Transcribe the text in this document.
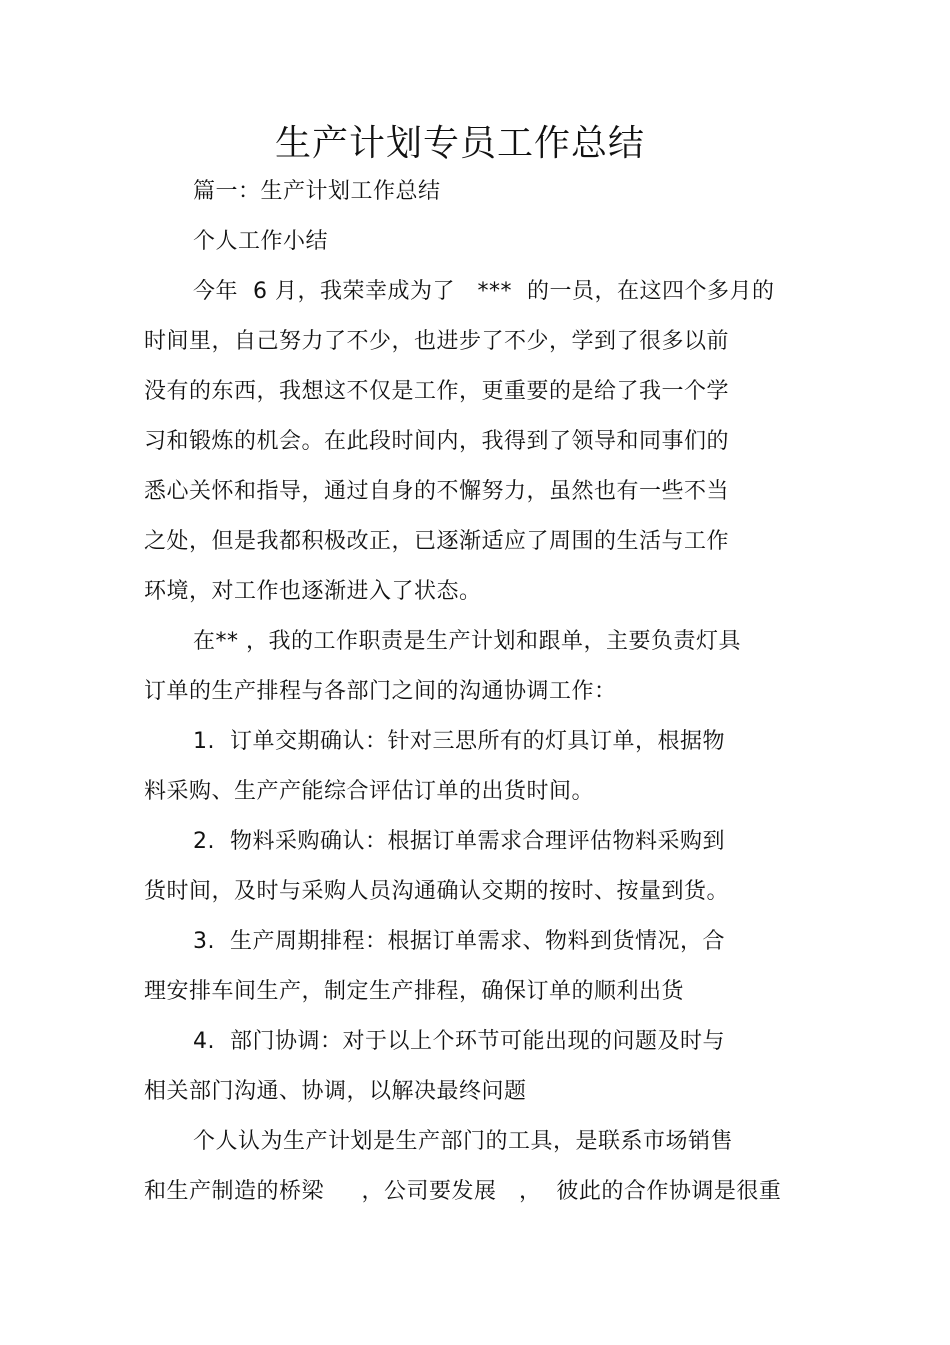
生产计划专员工作总结
篇一：生产计划工作总结
个人工作小结
今年  6 月，我荣幸成为了   ***  的一员，在这四个多月的
时间里，自己努力了不少，也进步了不少，学到了很多以前
没有的东西，我想这不仅是工作，更重要的是给了我一个学
习和锻炼的机会。在此段时间内，我得到了领导和同事们的
悉心关怀和指导，通过自身的不懈努力，虽然也有一些不当
之处，但是我都积极改正，已逐渐适应了周围的生活与工作
环境，对工作也逐渐进入了状态。
在** ，我的工作职责是生产计划和跟单，主要负责灯具
订单的生产排程与各部门之间的沟通协调工作：
1.  订单交期确认：针对三思所有的灯具订单，根据物
料采购、生产产能综合评估订单的出货时间。
2.  物料采购确认：根据订单需求合理评估物料采购到
货时间，及时与采购人员沟通确认交期的按时、按量到货。
3.  生产周期排程：根据订单需求、物料到货情况，合
理安排车间生产，制定生产排程，确保订单的顺利出货
4.  部门协调：对于以上个环节可能出现的问题及时与
相关部门沟通、协调，以解决最终问题
个人认为生产计划是生产部门的工具，是联系市场销售
和生产制造的桥梁     ，公司要发展   ，  彼此的合作协调是很重
